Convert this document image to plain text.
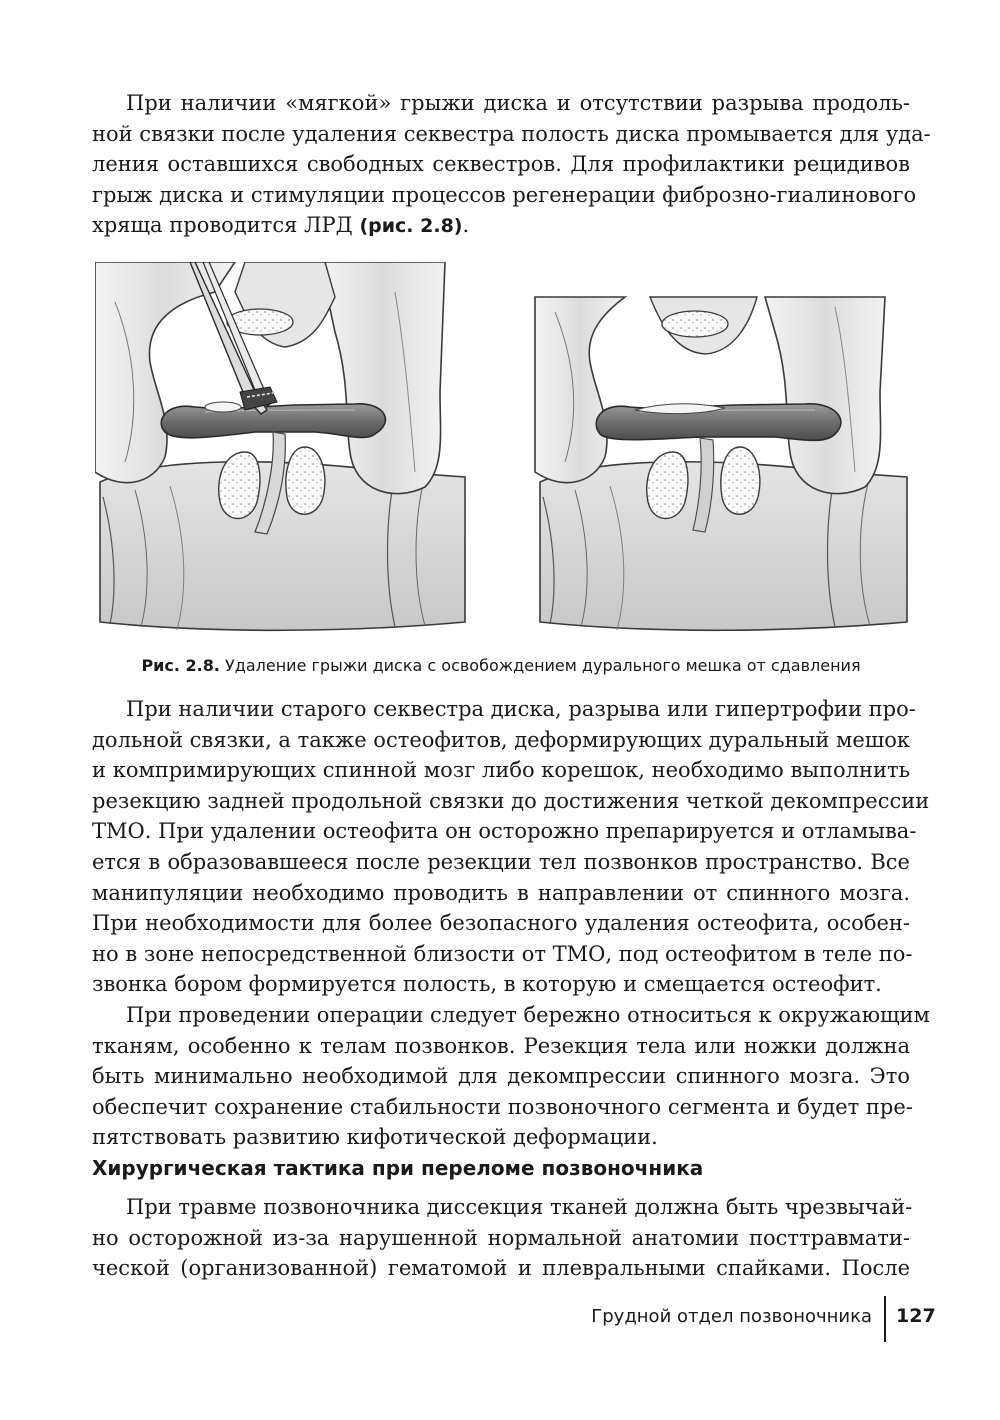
При наличии «мягкой» грыжи диска и отсутствии разрыва продоль-
ной связки после удаления секвестра полость диска промывается для уда-
ления оставшихся свободных секвестров. Для профилактики рецидивов
грыж диска и стимуляции процессов регенерации фиброзно-гиалинового
хряща проводится ЛРД (рис. 2.8).
Рис. 2.8. Удаление грыжи диска с освобождением дурального мешка от сдавления
При наличии старого секвестра диска, разрыва или гипертрофии про-
дольной связки, а также остеофитов, деформирующих дуральный мешок
и компримирующих спинной мозг либо корешок, необходимо выполнить
резекцию задней продольной связки до достижения четкой декомпрессии
ТМО. При удалении остеофита он осторожно препарируется и отламыва-
ется в образовавшееся после резекции тел позвонков пространство. Все
манипуляции необходимо проводить в направлении от спинного мозга.
При необходимости для более безопасного удаления остеофита, особен-
но в зоне непосредственной близости от ТМО, под остеофитом в теле по-
звонка бором формируется полость, в которую и смещается остеофит.
При проведении операции следует бережно относиться к окружающим
тканям, особенно к телам позвонков. Резекция тела или ножки должна
быть минимально необходимой для декомпрессии спинного мозга. Это
обеспечит сохранение стабильности позвоночного сегмента и будет пре-
пятствовать развитию кифотической деформации.
Хирургическая тактика при переломе позвоночника
При травме позвоночника диссекция тканей должна быть чрезвычай-
но осторожной из-за нарушенной нормальной анатомии посттравмати-
ческой (организованной) гематомой и плевральными спайками. После
Грудной отдел позвоночника 127
